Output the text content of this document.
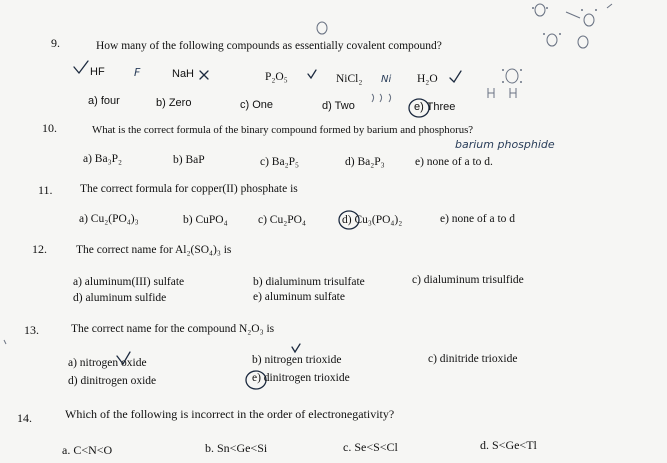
F
Ni
barium phosphide
9.	How many of the following compounds as essentially covalent compound?
HF	NaH	P₂O₅	NiCl₂	H₂O
a) four	b) Zero	c) One	d) Two	e) Three
10.	What is the correct formula of the binary compound formed by barium and phosphorus?
a) Ba₃P₂	b) BaP	c) Ba₂P₅	d) Ba₂P₃	e) none of a to d.
11. The correct formula for copper(II) phosphate is
a) Cu₂(PO₄)₃	b) CuPO₄	c) Cu₂PO₄	d) Cu₃(PO₄)₂	e) none of a to d
12.	The correct name for Al₂(SO₄)₃ is
a) aluminum(III) sulfate	b) dialuminum trisulfate	c) dialuminum trisulfide
d) aluminum sulfide	e) aluminum sulfate
13.	The correct name for the compound N₂O₃ is
a) nitrogen oxide	b) nitrogen trioxide	c) dinitride trioxide
d) dinitrogen oxide	e) dinitrogen trioxide
14.	Which of the following is incorrect in the order of electronegativity?
a. C<N<O	b. Sn<Ge<Si	c. Se<S<Cl	d. S<Ge<Tl
